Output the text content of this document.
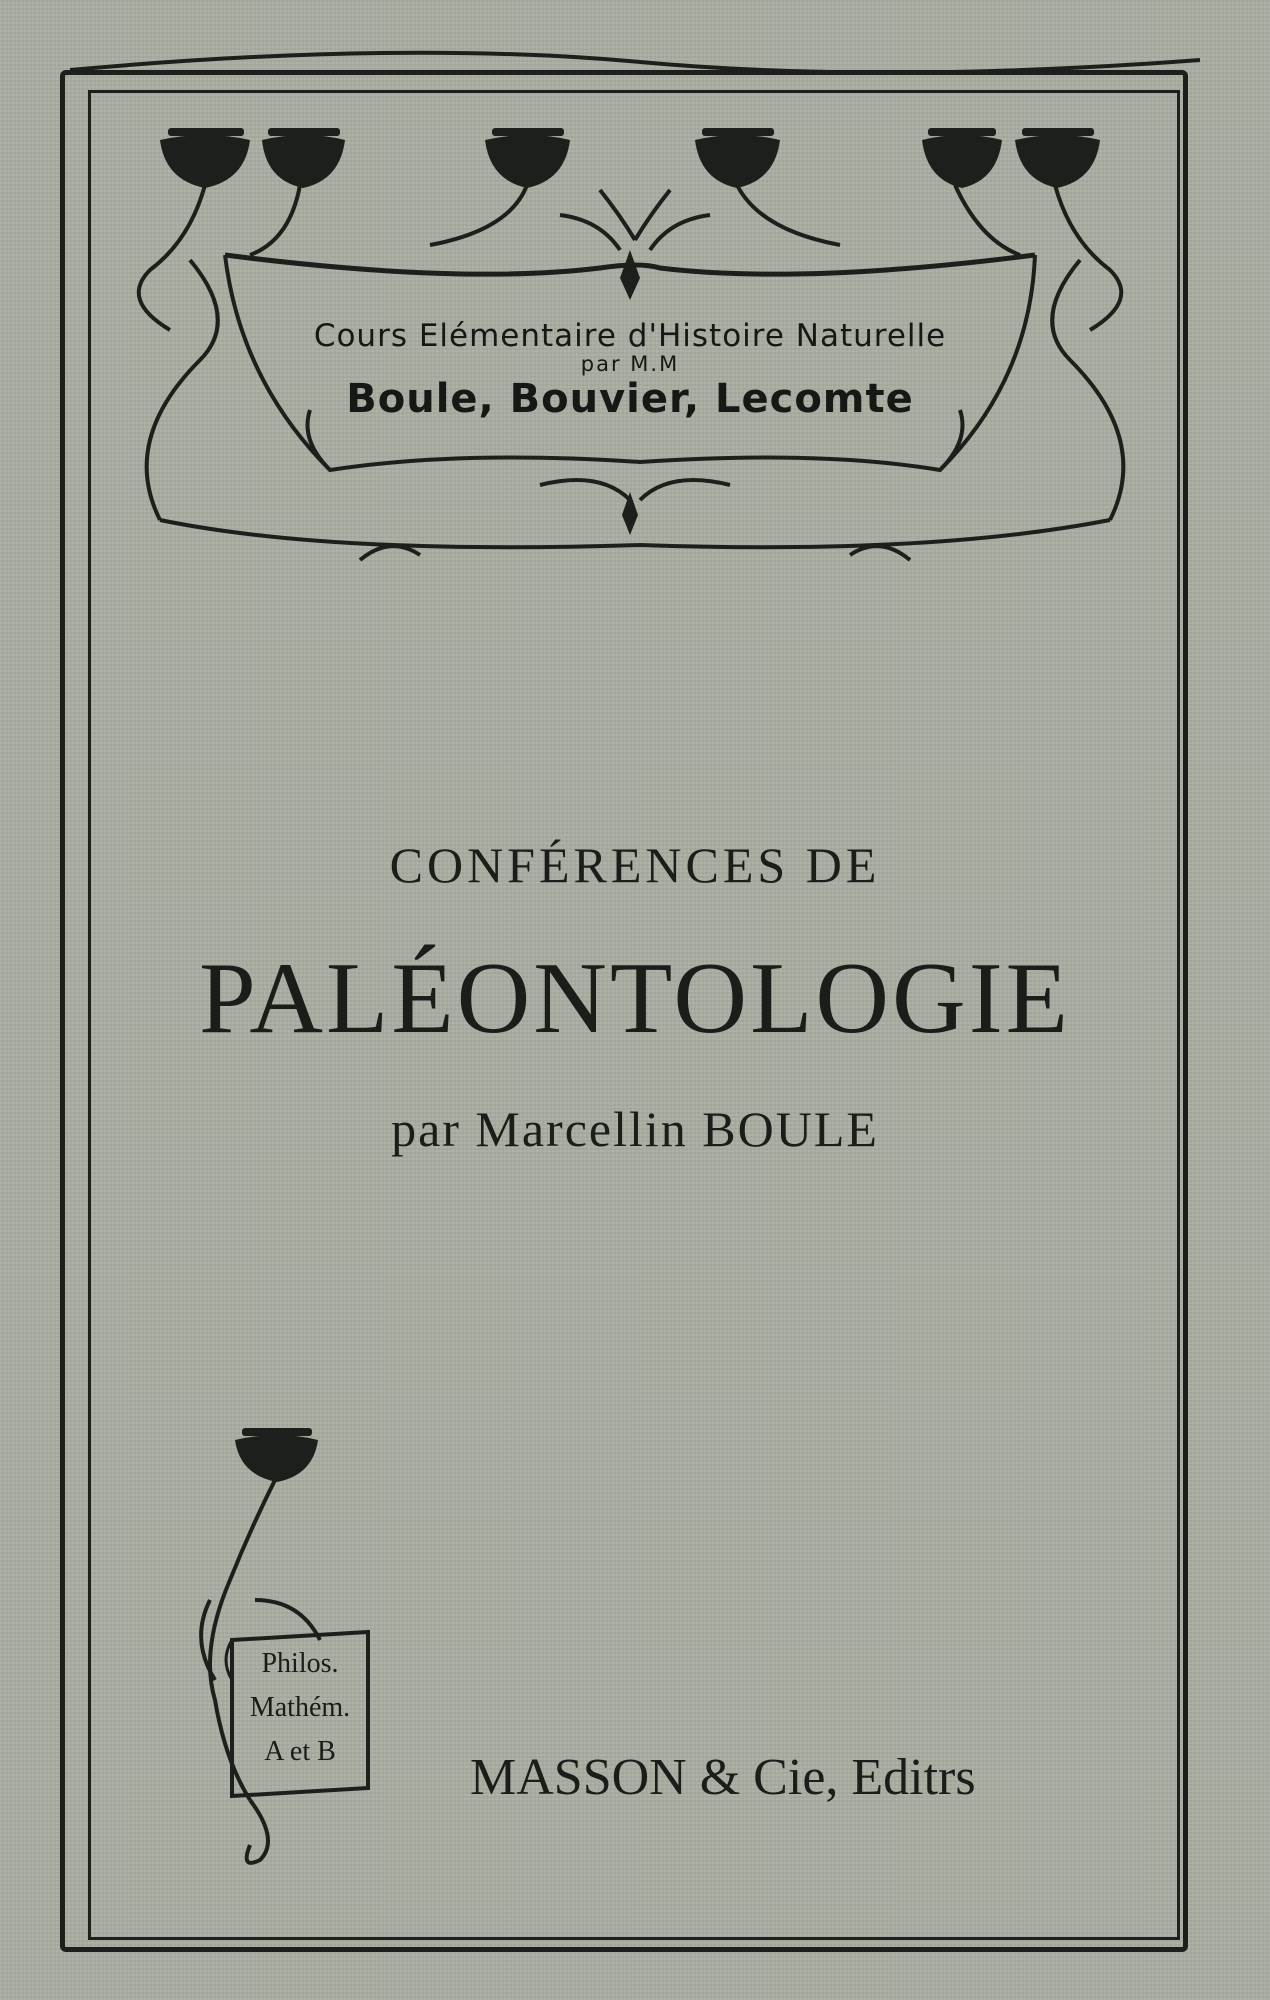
Cours Elémentaire d'Histoire Naturelle
par M.M
Boule, Bouvier, Lecomte
CONFÉRENCES DE
PALÉONTOLOGIE
par Marcellin BOULE
Philos.
Mathém.
A et B	MASSON & Cie, Editrs
